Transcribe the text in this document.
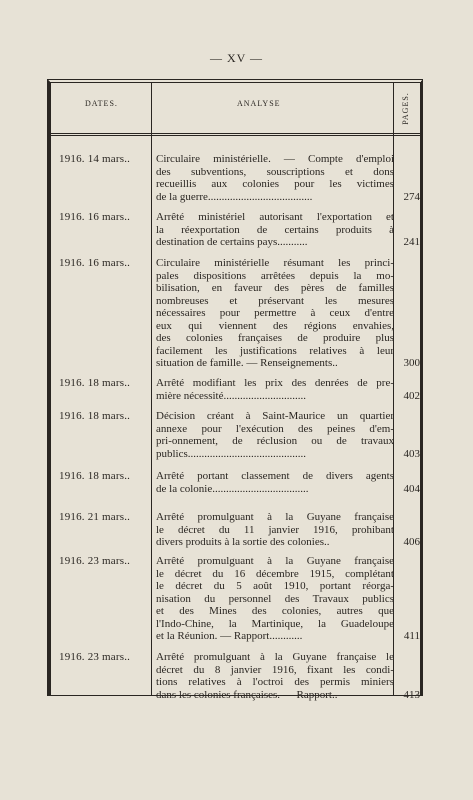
— XV —
DATES.	ANALYSE	PAGES.
1916. 14 mars..	Circulaire ministérielle. — Compte d'emploi
des subventions, souscriptions et dons
recueillis aux colonies pour les victimes
de la guerre......................................	274
1916. 16 mars..	Arrêté ministériel autorisant l'exportation et
la réexportation de certains produits à
destination de certains pays...........	241
1916. 16 mars..	Circulaire ministérielle résumant les princi-
pales dispositions arrêtées depuis la mo-
bilisation, en faveur des pères de familles
nombreuses et préservant les mesures
nécessaires pour permettre à ceux d'entre
eux qui viennent des régions envahies,
des colonies françaises de produire plus
facilement les justifications relatives à leur
situation de famille. — Renseignements..	300
1916. 18 mars..	Arrêté modifiant les prix des denrées de pre-
mière nécessité..............................	402
1916. 18 mars..	Décision créant à Saint-Maurice un quartier
annexe pour l'exécution des peines d'em-
pri-onnement, de réclusion ou de travaux
publics...........................................	403
1916. 18 mars..	Arrêté portant classement de divers agents
de la colonie...................................	404
1916. 21 mars..	Arrêté promulguant à la Guyane française
le décret du 11 janvier 1916, prohibant
divers produits à la sortie des colonies..	406
1916. 23 mars..	Arrêté promulguant à la Guyane française
le décret du 16 décembre 1915, complétant
le décret du 5 août 1910, portant réorga-
nisation du personnel des Travaux publics
et des Mines des colonies, autres que
l'Indo-Chine, la Martinique, la Guadeloupe
et la Réunion. — Rapport............	411
1916. 23 mars..	Arrêté promulguant à la Guyane française le
décret du 8 janvier 1916, fixant les condi-
tions relatives à l'octroi des permis miniers
dans les colonies françaises. — Rapport..	413
